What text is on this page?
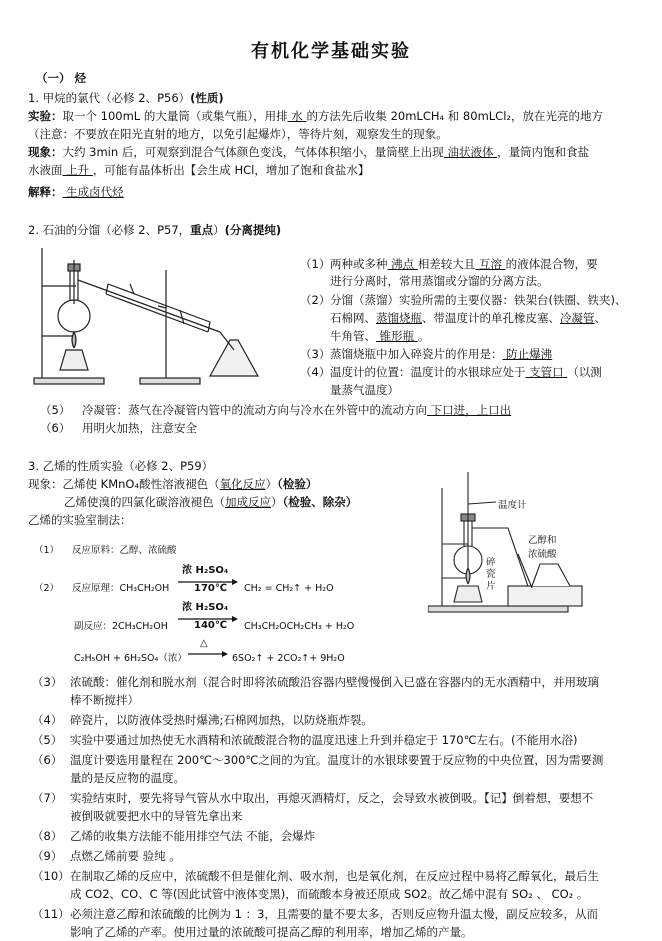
有机化学基础实验
（一） 烃
1. 甲烷的氯代（必修 2、P56）(性质)
实验：取一个 100mL 的大量筒（或集气瓶），用排 水 的方法先后收集 20mLCH₄ 和 80mLCl₂，放在光亮的地方
（注意：不要放在阳光直射的地方，以免引起爆炸），等待片刻，观察发生的现象。
现象：大约 3min 后，可观察到混合气体颜色变浅，气体体积缩小，量筒壁上出现 油状液体 ，量筒内饱和食盐
水液面 上升 ，可能有晶体析出【会生成 HCl，增加了饱和食盐水】
解释： 生成卤代烃
2. 石油的分馏（必修 2、P57，重点）(分离提纯)
（1） 两种或多种 沸点 相差较大且 互溶 的液体混合物，要
进行分离时，常用蒸馏或分馏的分离方法。
（2） 分馏（蒸馏）实验所需的主要仪器：铁架台(铁圈、铁夹)、
石棉网、蒸馏烧瓶、带温度计的单孔橡皮塞、冷凝管、
牛角管、 锥形瓶 。
（3） 蒸馏烧瓶中加入碎瓷片的作用是： 防止爆沸
（4） 温度计的位置：温度计的水银球应处于 支管口 （以测
量蒸气温度）
（5） 冷凝管：蒸气在冷凝管内管中的流动方向与冷水在外管中的流动方向 下口进，上口出
（6） 用明火加热，注意安全
3. 乙烯的性质实验（必修 2、P59）
现象：乙烯使 KMnO₄酸性溶液褪色（氧化反应）（检验）
乙烯使溴的四氯化碳溶液褪色（加成反应）（检验、除杂）
乙烯的实验室制法：
（1） 反应原料：乙醇、浓硫酸
（2） 反应原理：CH₃CH₂OH
浓 H₂SO₄
170℃ CH₂ = CH₂↑ + H₂O
副反应：2CH₃CH₂OH
浓 H₂SO₄
140℃ CH₃CH₂OCH₂CH₃ + H₂O
C₂H₅OH + 6H₂SO₄（浓）
△
6SO₂↑ + 2CO₂↑+ 9H₂O
温度计
乙醇和
浓硫酸
碎
瓷
片
（3） 浓硫酸：催化剂和脱水剂（混合时即将浓硫酸沿容器内壁慢慢倒入已盛在容器内的无水酒精中，并用玻璃
棒不断搅拌）
（4） 碎瓷片，以防液体受热时爆沸;石棉网加热，以防烧瓶炸裂。
（5） 实验中要通过加热使无水酒精和浓硫酸混合物的温度迅速上升到并稳定于 170℃左右。(不能用水浴)
（6） 温度计要选用量程在 200℃～300℃之间的为宜。温度计的水银球要置于反应物的中央位置，因为需要测
量的是反应物的温度。
（7） 实验结束时，要先将导气管从水中取出，再熄灭酒精灯，反之，会导致水被倒吸。【记】倒着想，要想不
被倒吸就要把水中的导管先拿出来
（8） 乙烯的收集方法能不能用排空气法 不能，会爆炸
（9） 点燃乙烯前要 验纯 。
（10） 在制取乙烯的反应中，浓硫酸不但是催化剂、吸水剂，也是氧化剂，在反应过程中易将乙醇氧化，最后生
成 CO2、CO、C 等(因此试管中液体变黑)，而硫酸本身被还原成 SO2。故乙烯中混有 SO₂ 、 CO₂ 。
（11） 必须注意乙醇和浓硫酸的比例为 1 ：3，且需要的量不要太多，否则反应物升温太慢，副反应较多，从而
影响了乙烯的产率。使用过量的浓硫酸可提高乙醇的利用率，增加乙烯的产量。
